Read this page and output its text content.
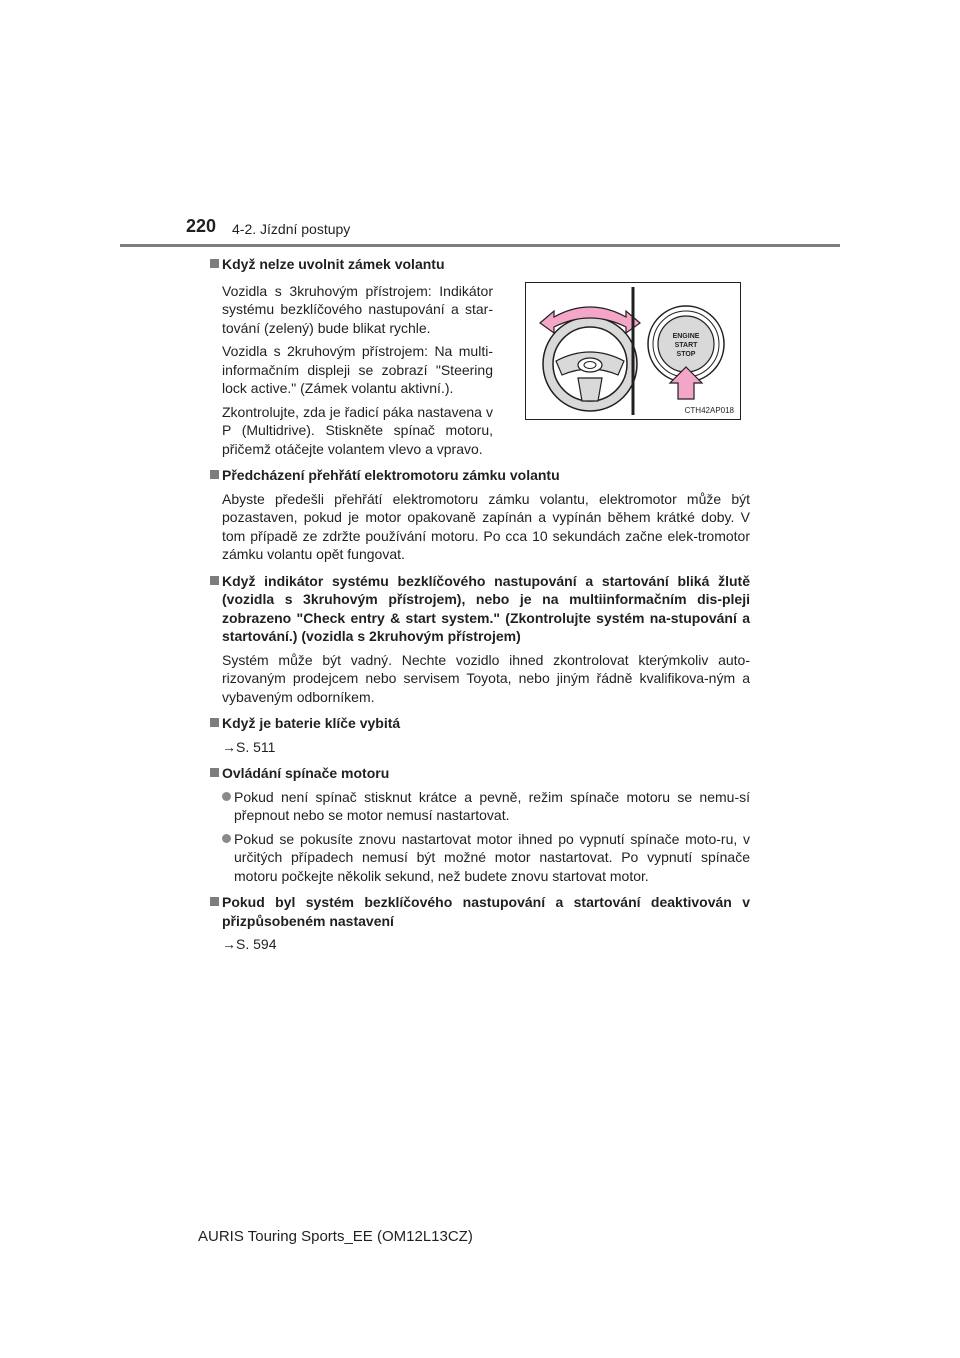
220 4-2. Jízdní postupy

Když nelze uvolnit zámek volantu

Vozidla s 3kruhovým přístrojem: Indikátor systému bezklíčového nastupování a star-tování (zelený) bude blikat rychle.

Vozidla s 2kruhovým přístrojem: Na multi-informačním displeji se zobrazí "Steering lock active." (Zámek volantu aktivní.).

Zkontrolujte, zda je řadicí páka nastavena v P (Multidrive). Stiskněte spínač motoru, přičemž otáčejte volantem vlevo a vpravo.

ENGINE
START
STOP
CTH42AP018

Předcházení přehřátí elektromotoru zámku volantu

Abyste předešli přehřátí elektromotoru zámku volantu, elektromotor může být pozastaven, pokud je motor opakovaně zapínán a vypínán během krátké doby. V tom případě ze zdržte používání motoru. Po cca 10 sekundách začne elek-tromotor zámku volantu opět fungovat.

Když indikátor systému bezklíčového nastupování a startování bliká žlutě (vozidla s 3kruhovým přístrojem), nebo je na multiinformačním dis-pleji zobrazeno "Check entry & start system." (Zkontrolujte systém na-stupování a startování.) (vozidla s 2kruhovým přístrojem)

Systém může být vadný. Nechte vozidlo ihned zkontrolovat kterýmkoliv auto-rizovaným prodejcem nebo servisem Toyota, nebo jiným řádně kvalifikova-ným a vybaveným odborníkem.

Když je baterie klíče vybitá

→S. 511

Ovládání spínače motoru

Pokud není spínač stisknut krátce a pevně, režim spínače motoru se nemu-sí přepnout nebo se motor nemusí nastartovat.

Pokud se pokusíte znovu nastartovat motor ihned po vypnutí spínače moto-ru, v určitých případech nemusí být možné motor nastartovat. Po vypnutí spínače motoru počkejte několik sekund, než budete znovu startovat motor.

Pokud byl systém bezklíčového nastupování a startování deaktivován v přizpůsobeném nastavení

→S. 594

AURIS Touring Sports_EE (OM12L13CZ)
